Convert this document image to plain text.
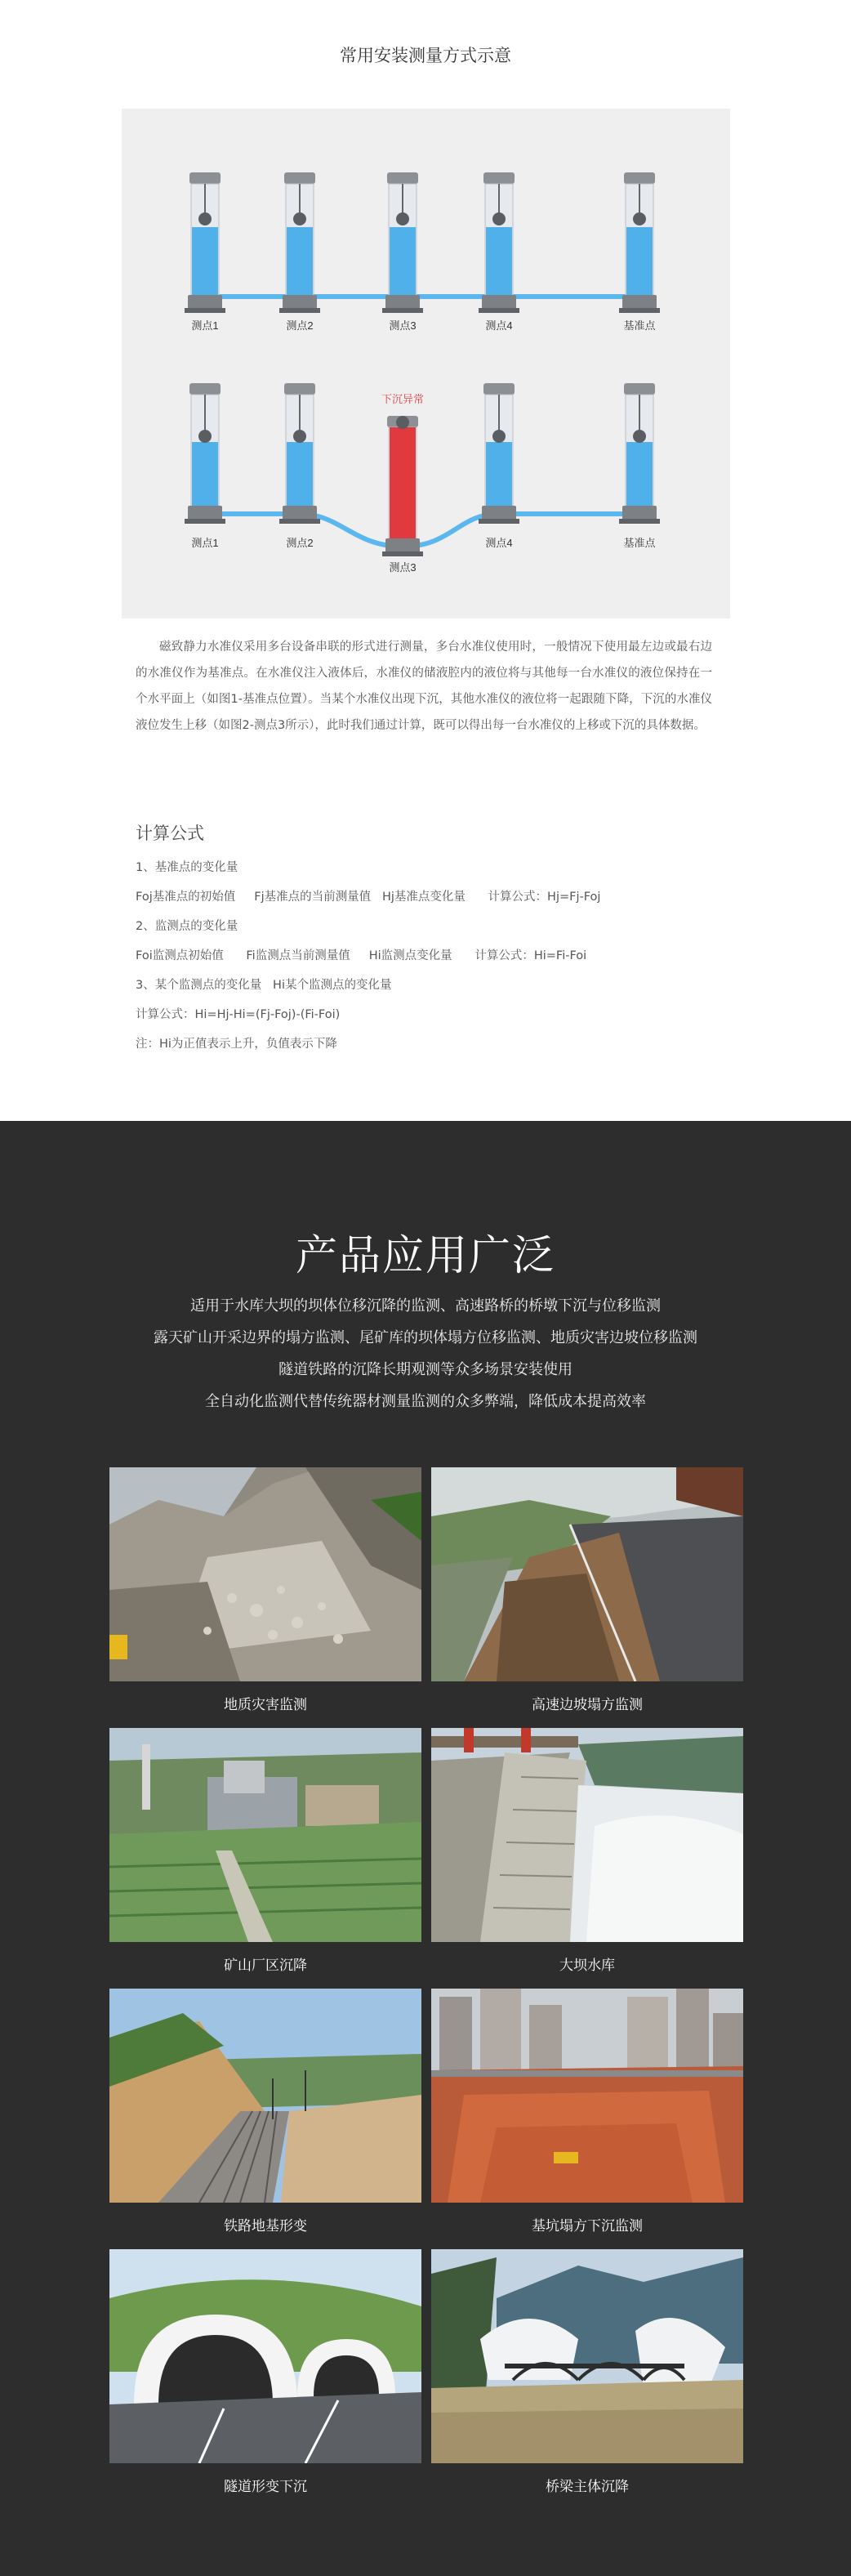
常用安装测量方式示意
测点1	测点2	测点3	测点4	基准点
测点1	测点2	测点4	基准点
测点3
下沉异常
磁致静力水准仪采用多台设备串联的形式进行测量，多台水准仪使用时，一般情况下使用最左边或最右边的水准仪作为基准点。在水准仪注入液体后，水准仪的储液腔内的液位将与其他每一台水准仪的液位保持在一个水平面上（如图1-基准点位置）。当某个水准仪出现下沉，其他水准仪的液位将一起跟随下降，下沉的水准仪液位发生上移（如图2-测点3所示），此时我们通过计算，既可以得出每一台水准仪的上移或下沉的具体数据。
计算公式
1、基准点的变化量
Foj基准点的初始值     Fj基准点的当前测量值   Hj基准点变化量      计算公式：Hj=Fj-Foj
2、监测点的变化量
Foi监测点初始值      Fi监测点当前测量值     Hi监测点变化量      计算公式：Hi=Fi-Foi
3、某个监测点的变化量   Hi某个监测点的变化量
计算公式：Hi=Hj-Hi=(Fj-Foj)-(Fi-Foi)
注：Hi为正值表示上升，负值表示下降
产品应用广泛
适用于水库大坝的坝体位移沉降的监测、高速路桥的桥墩下沉与位移监测
露天矿山开采边界的塌方监测、尾矿库的坝体塌方位移监测、地质灾害边坡位移监测
隧道铁路的沉降长期观测等众多场景安装使用
全自动化监测代替传统器材测量监测的众多弊端，降低成本提高效率
地质灾害监测	高速边坡塌方监测
矿山厂区沉降	大坝水库
铁路地基形变	基坑塌方下沉监测
隧道形变下沉	桥梁主体沉降
